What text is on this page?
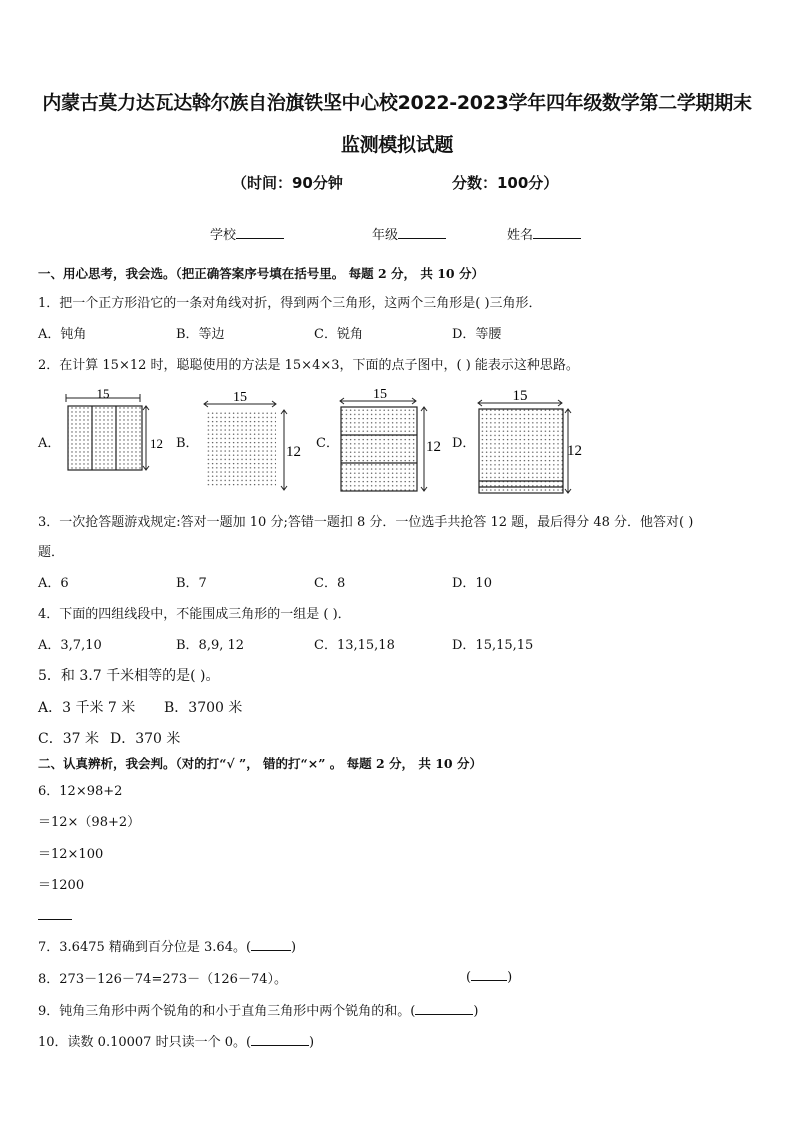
内蒙古莫力达瓦达斡尔族自治旗铁坚中心校2022-2023学年四年级数学第二学期期末
监测模拟试题
（时间：90分钟	分数：100分）
学校	年级	姓名
一、用心思考，我会选。（把正确答案序号填在括号里。 每题 2 分， 共 10 分）
1．把一个正方形沿它的一条对角线对折，得到两个三角形，这两个三角形是( )三角形．
A．钝角	B．等边	C．锐角	D．等腰
2．在计算 15×12 时，聪聪使用的方法是 15×4×3，下面的点子图中，( ) 能表示这种思路。
A．
15
12 B．
15
12
C．
15
12 D．
15
12
3．一次抢答题游戏规定:答对一题加 10 分;答错一题扣 8 分．一位选手共抢答 12 题，最后得分 48 分．他答对( )
题．
A．6	B．7	C．8	D．10
4．下面的四组线段中，不能围成三角形的一组是 ( )．
A．3,7,10	B．8,9, 12	C．13,15,18	D．15,15,15
5．和 3.7 千米相等的是( )。
A．3 千米 7 米 B．3700 米
C．37 米 D．370 米
二、认真辨析，我会判。（对的打“√ ”， 错的打“×” 。 每题 2 分， 共 10 分）
6．12×98+2
＝12×（98+2）
＝12×100
＝1200
7．3.6475 精确到百分位是 3.64。(	)
8．273－126－74=273－（126－74）。	(	)
9．钝角三角形中两个锐角的和小于直角三角形中两个锐角的和。(	)
10．读数 0.10007 时只读一个 0。(	)
